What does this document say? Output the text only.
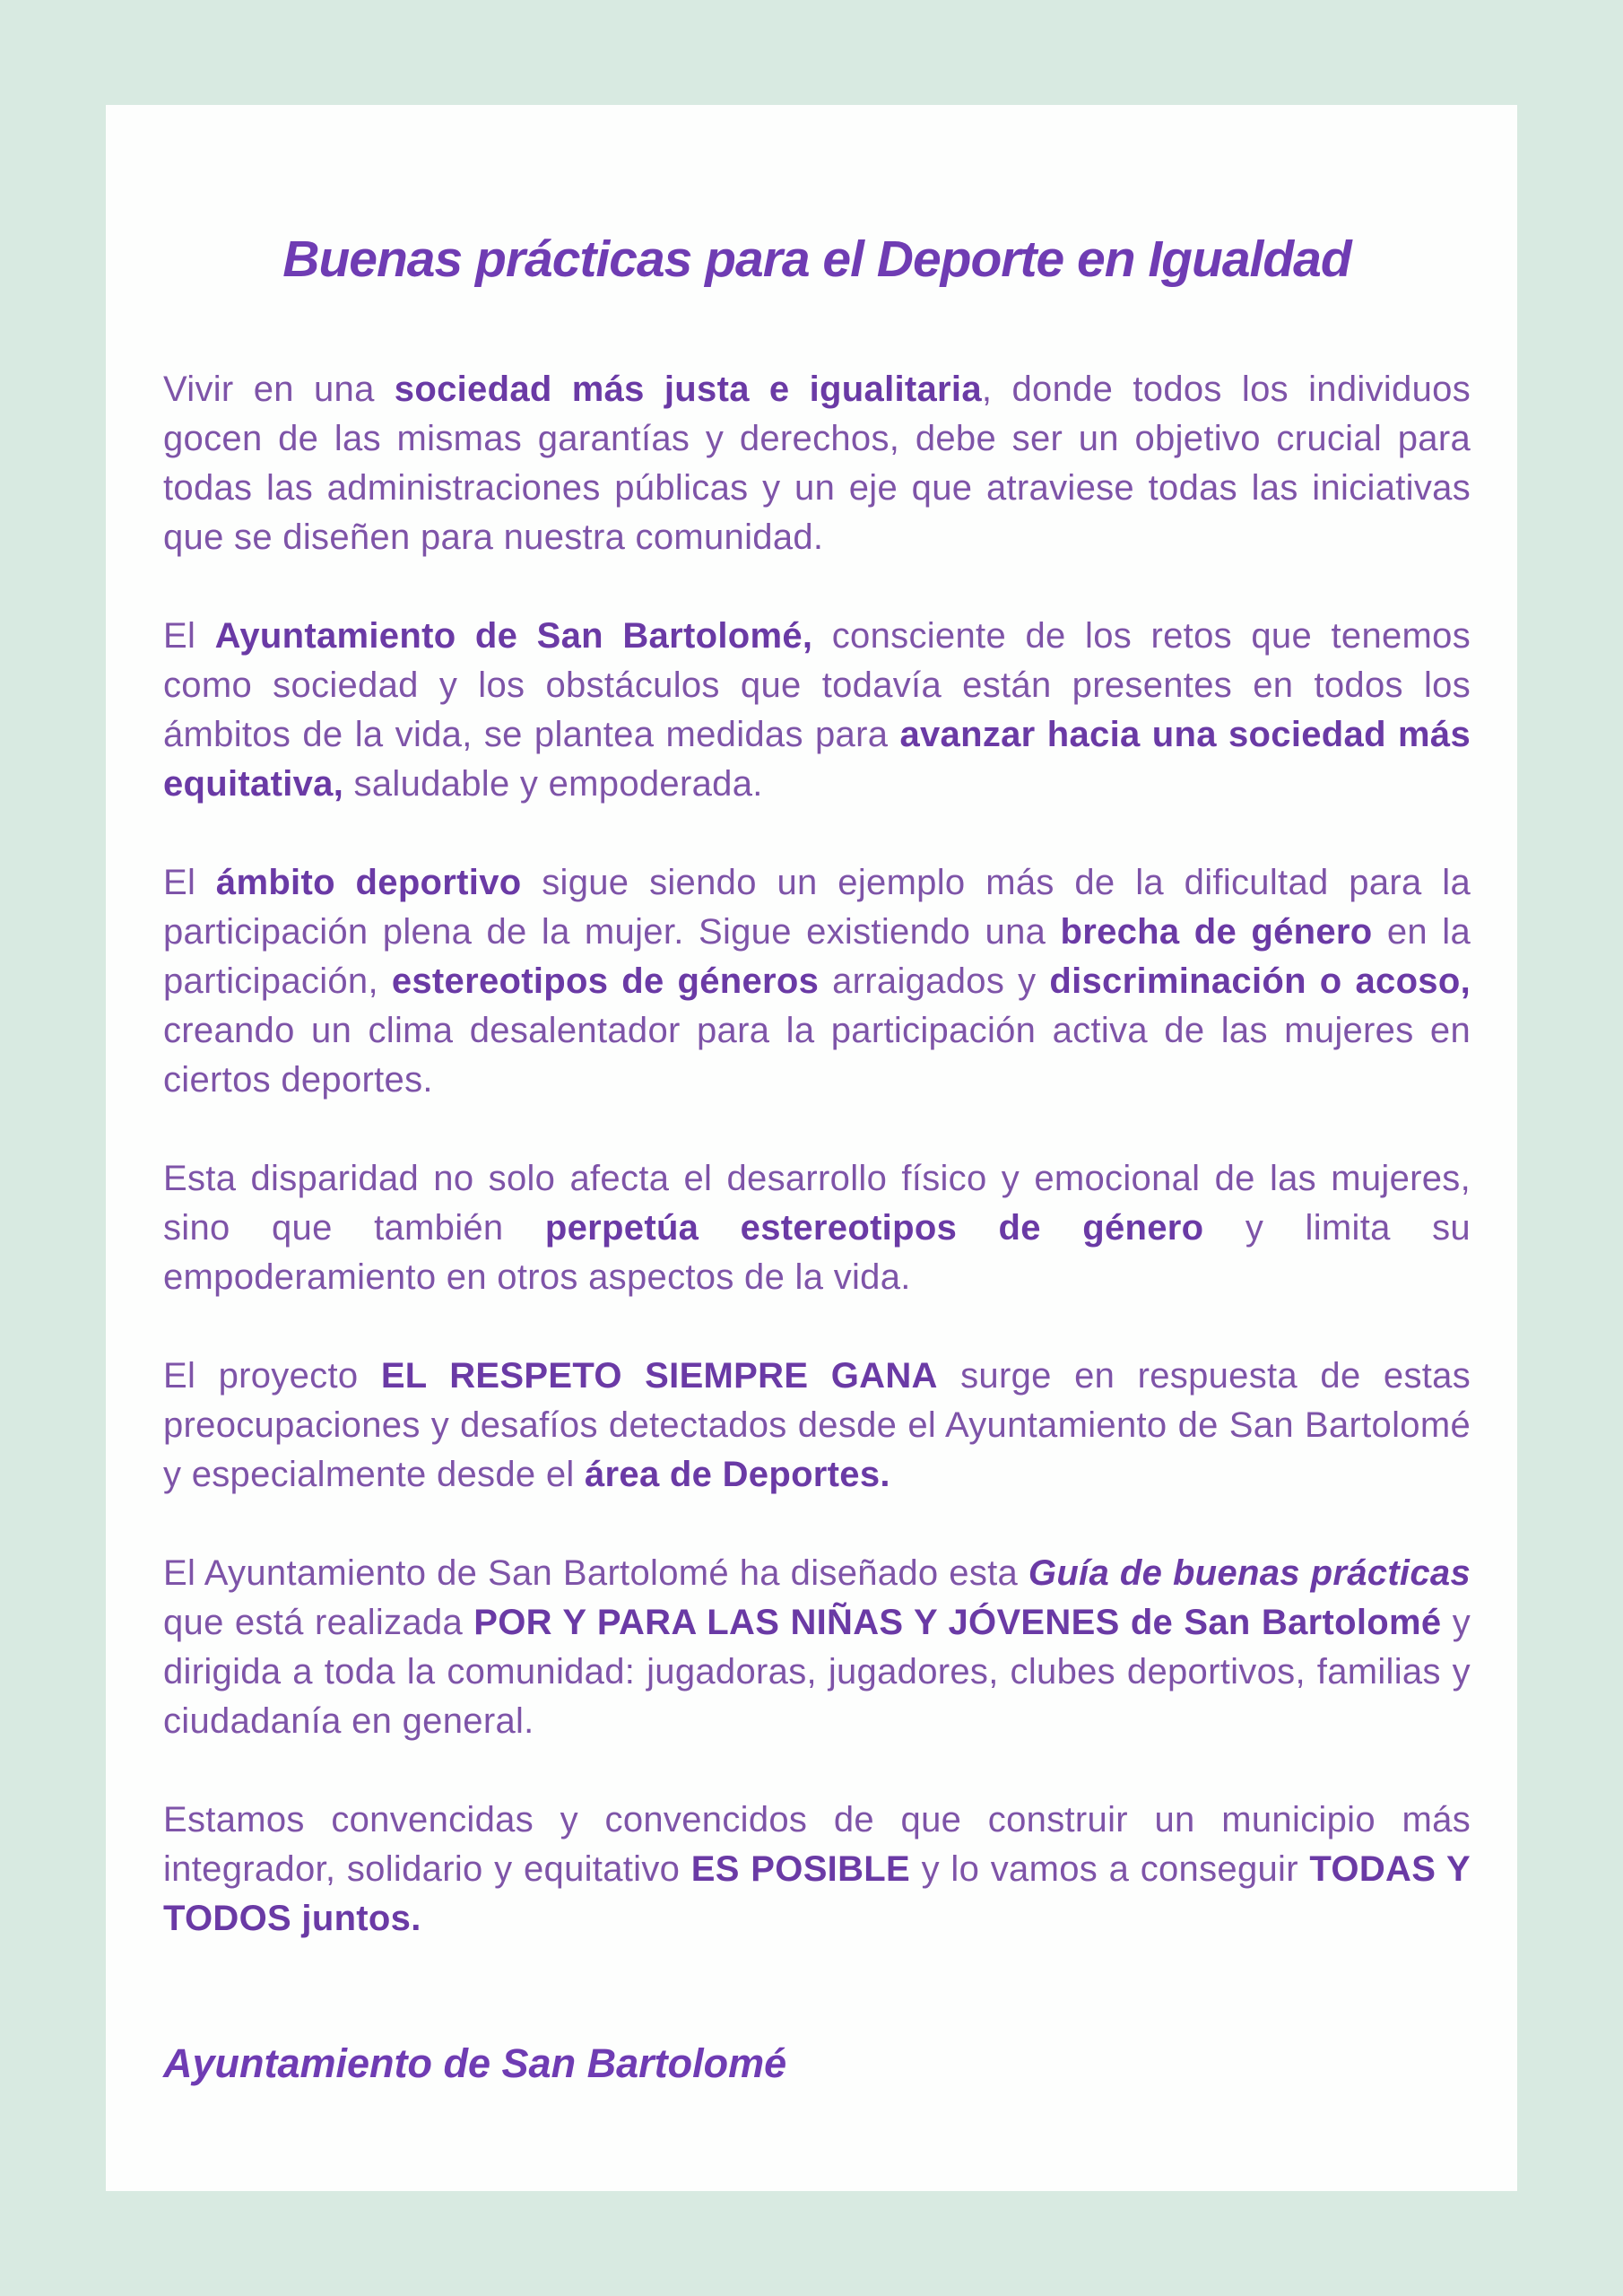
Buenas prácticas para el Deporte en Igualdad

Vivir en una sociedad más justa e igualitaria, donde todos los individuos gocen de las mismas garantías y derechos, debe ser un objetivo crucial para todas las administraciones públicas y un eje que atraviese todas las iniciativas que se diseñen para nuestra comunidad.

El Ayuntamiento de San Bartolomé, consciente de los retos que tenemos como sociedad y los obstáculos que todavía están presentes en todos los ámbitos de la vida, se plantea medidas para avanzar hacia una sociedad más equitativa, saludable y empoderada.

El ámbito deportivo sigue siendo un ejemplo más de la dificultad para la participación plena de la mujer. Sigue existiendo una brecha de género en la participación, estereotipos de géneros arraigados y discriminación o acoso, creando un clima desalentador para la participación activa de las mujeres en ciertos deportes.

Esta disparidad no solo afecta el desarrollo físico y emocional de las mujeres, sino que también perpetúa estereotipos de género y limita su empoderamiento en otros aspectos de la vida.

El proyecto EL RESPETO SIEMPRE GANA surge en respuesta de estas preocupaciones y desafíos detectados desde el Ayuntamiento de San Bartolomé y especialmente desde el área de Deportes.

El Ayuntamiento de San Bartolomé ha diseñado esta Guía de buenas prácticas que está realizada POR Y PARA LAS NIÑAS Y JÓVENES de San Bartolomé y dirigida a toda la comunidad: jugadoras, jugadores, clubes deportivos, familias y ciudadanía en general.

Estamos convencidas y convencidos de que construir un municipio más integrador, solidario y equitativo ES POSIBLE y lo vamos a conseguir TODAS Y TODOS juntos.

Ayuntamiento de San Bartolomé
